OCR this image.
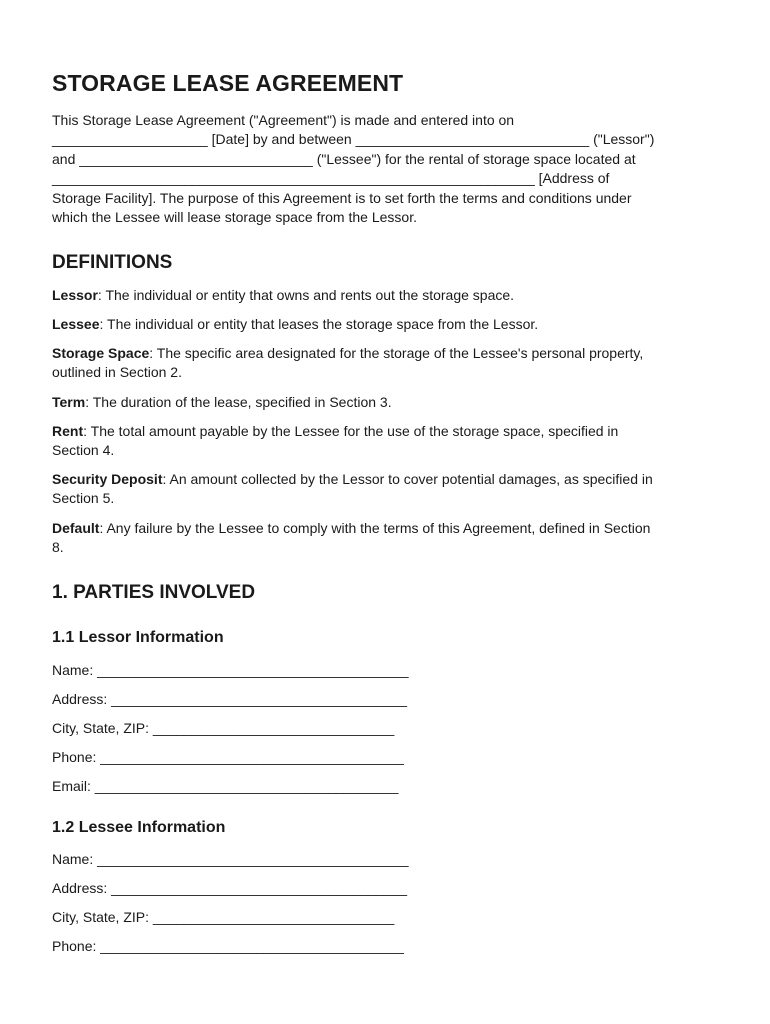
STORAGE LEASE AGREEMENT

This Storage Lease Agreement ("Agreement") is made and entered into on
____________________ [Date] by and between ______________________________ ("Lessor")
and ______________________________ ("Lessee") for the rental of storage space located at
______________________________________________________________ [Address of
Storage Facility]. The purpose of this Agreement is to set forth the terms and conditions under
which the Lessee will lease storage space from the Lessor.

DEFINITIONS

Lessor: The individual or entity that owns and rents out the storage space.

Lessee: The individual or entity that leases the storage space from the Lessor.

Storage Space: The specific area designated for the storage of the Lessee's personal property,
outlined in Section 2.

Term: The duration of the lease, specified in Section 3.

Rent: The total amount payable by the Lessee for the use of the storage space, specified in
Section 4.

Security Deposit: An amount collected by the Lessor to cover potential damages, as specified in
Section 5.

Default: Any failure by the Lessee to comply with the terms of this Agreement, defined in Section
8.

1. PARTIES INVOLVED
1.1 Lessor Information

Name: ________________________________________

Address: ______________________________________

City, State, ZIP: _______________________________

Phone: _______________________________________

Email: _______________________________________

1.2 Lessee Information

Name: ________________________________________

Address: ______________________________________

City, State, ZIP: _______________________________

Phone: _______________________________________
